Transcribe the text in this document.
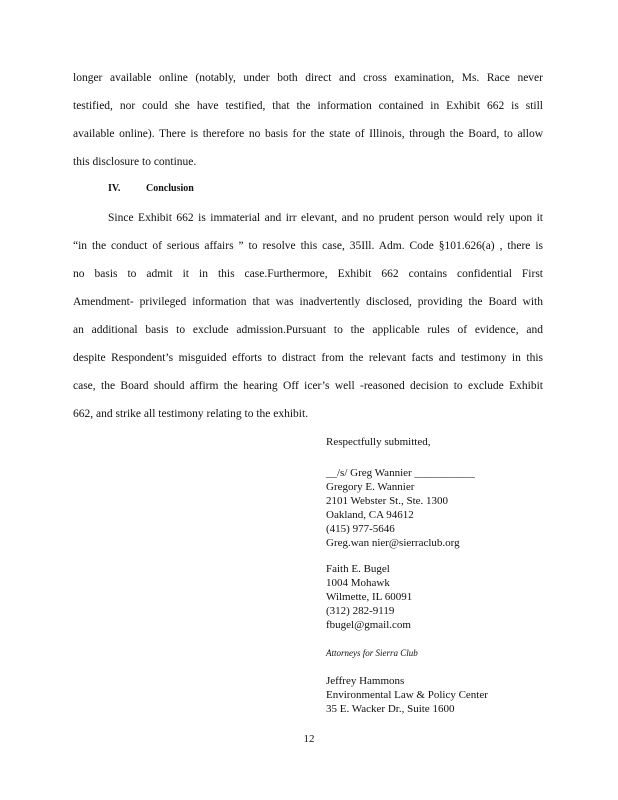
longer available online (notably, under both direct and cross examination, Ms. Race never
testified, nor could she have testified, that the information contained in Exhibit 662 is still
available online). There is therefore no basis for the state of Illinois, through the Board, to allow
this disclosure to continue.
IV.	Conclusion
Since Exhibit 662 is immaterial and irr elevant, and no prudent person would rely upon it
“in the conduct of serious affairs ” to resolve this case, 35Ill. Adm. Code §101.626(a) , there is
no basis to admit it in this case.Furthermore, Exhibit 662 contains confidential First
Amendment- privileged information that was inadvertently disclosed, providing the Board with
an additional basis to exclude admission.Pursuant to the applicable rules of evidence, and
despite Respondent’s misguided efforts to distract from the relevant facts and testimony in this
case, the Board should affirm the hearing Off icer’s well -reasoned decision to exclude Exhibit
662, and strike all testimony relating to the exhibit.
Respectfully submitted,
__/s/ Greg Wannier ___________
Gregory E. Wannier
2101 Webster St., Ste. 1300
Oakland, CA 94612
(415) 977-5646
Greg.wan nier@sierraclub.org
Faith E. Bugel
1004 Mohawk
Wilmette, IL 60091
(312) 282-9119
fbugel@gmail.com
Attorneys for Sierra Club
Jeffrey Hammons
Environmental Law & Policy Center
35 E. Wacker Dr., Suite 1600
12
